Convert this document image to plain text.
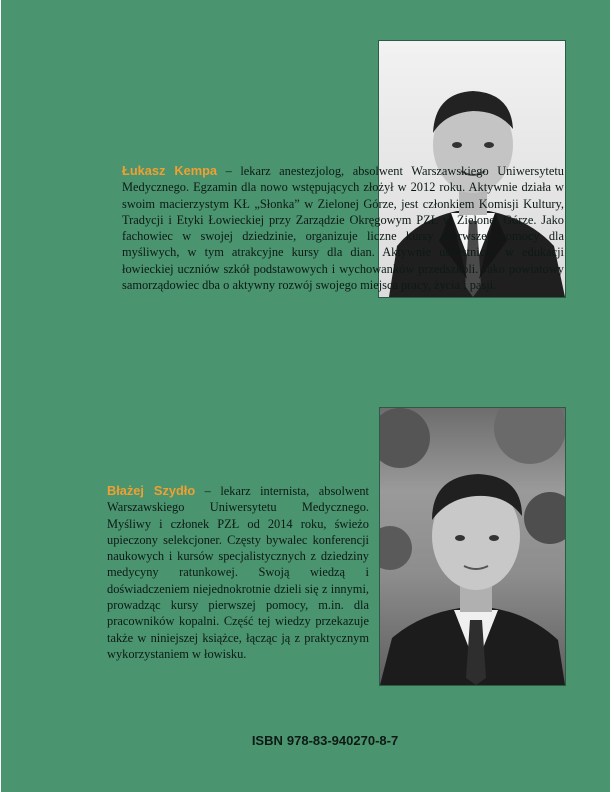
Łukasz Kempa – lekarz anestezjolog, absolwent Warszawskiego Uniwersytetu Medycznego. Egzamin dla nowo wstępujących złożył w 2012 roku. Aktywnie działa w swoim macierzystym KŁ „Słonka” w Zielonej Górze, jest członkiem Komisji Kultury, Tradycji i Etyki Łowieckiej przy Zarządzie Okręgowym PZŁ w Zielonej Górze. Jako fachowiec w swojej dziedzinie, organizuje liczne kursy pierwszej pomocy dla myśliwych, w tym atrakcyjne kursy dla dian. Aktywnie uczestniczy w edukacji łowieckiej uczniów szkół podstawowych i wychowanków przedszkoli. Jako powiatowy samorządowiec dba o aktywny rozwój swojego miejsca pracy, życia i pasji.

Błażej Szydło – lekarz internista, absolwent Warszawskiego Uniwersytetu Medycznego. Myśliwy i członek PZŁ od 2014 roku, świeżo upieczony selekcjoner. Częsty bywalec konferencji naukowych i kursów specjalistycznych z dziedziny medycyny ratunkowej. Swoją wiedzą i doświadczeniem niejednokrotnie dzieli się z innymi, prowadząc kursy pierwszej pomocy, m.in. dla pracowników kopalni. Część tej wiedzy przekazuje także w niniejszej książce, łącząc ją z praktycznym wykorzystaniem w łowisku.

ISBN 978-83-940270-8-7
